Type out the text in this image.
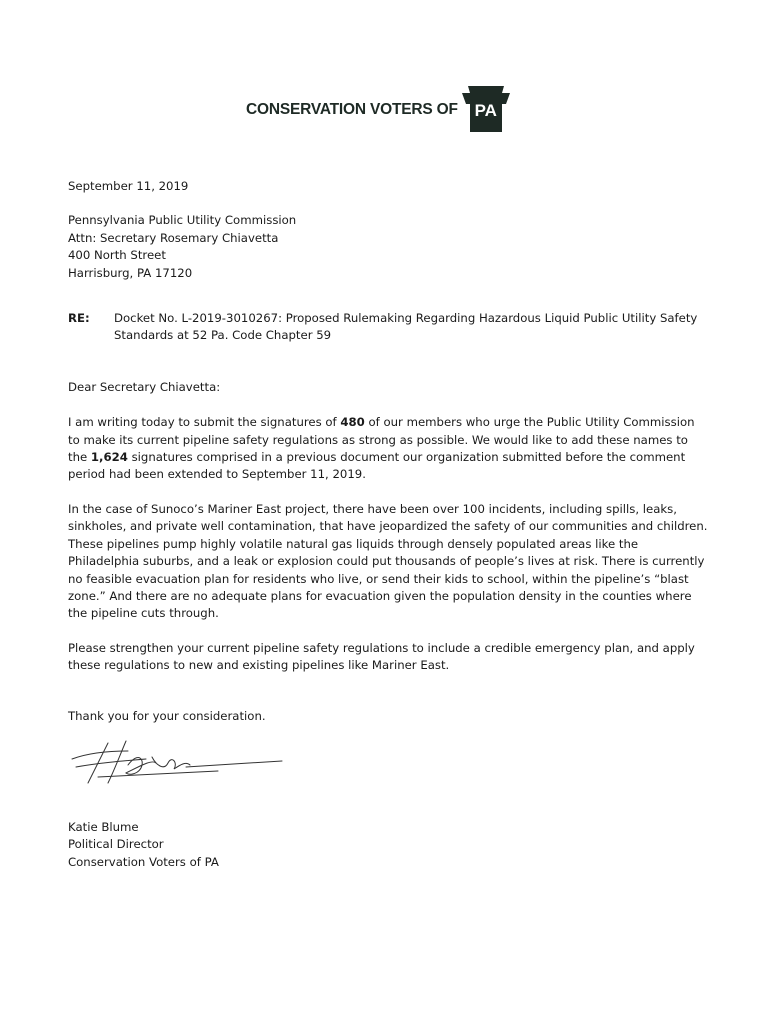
CONSERVATION VOTERS OF PA

September 11, 2019

Pennsylvania Public Utility Commission

Attn: Secretary Rosemary Chiavetta

400 North Street

Harrisburg, PA 17120

RE:	Docket No. L-2019-3010267: Proposed Rulemaking Regarding Hazardous Liquid Public Utility Safety

Standards at 52 Pa. Code Chapter 59

Dear Secretary Chiavetta:

I am writing today to submit the signatures of 480 of our members who urge the Public Utility Commission to make its current pipeline safety regulations as strong as possible. We would like to add these names to the 1,624 signatures comprised in a previous document our organization submitted before the comment period had been extended to September 11, 2019.

In the case of Sunoco’s Mariner East project, there have been over 100 incidents, including spills, leaks, sinkholes, and private well contamination, that have jeopardized the safety of our communities and children. These pipelines pump highly volatile natural gas liquids through densely populated areas like the Philadelphia suburbs, and a leak or explosion could put thousands of people’s lives at risk. There is currently no feasible evacuation plan for residents who live, or send their kids to school, within the pipeline’s “blast zone.” And there are no adequate plans for evacuation given the population density in the counties where the pipeline cuts through.

Please strengthen your current pipeline safety regulations to include a credible emergency plan, and apply these regulations to new and existing pipelines like Mariner East.

Thank you for your consideration.

Katie Blume

Political Director

Conservation Voters of PA
